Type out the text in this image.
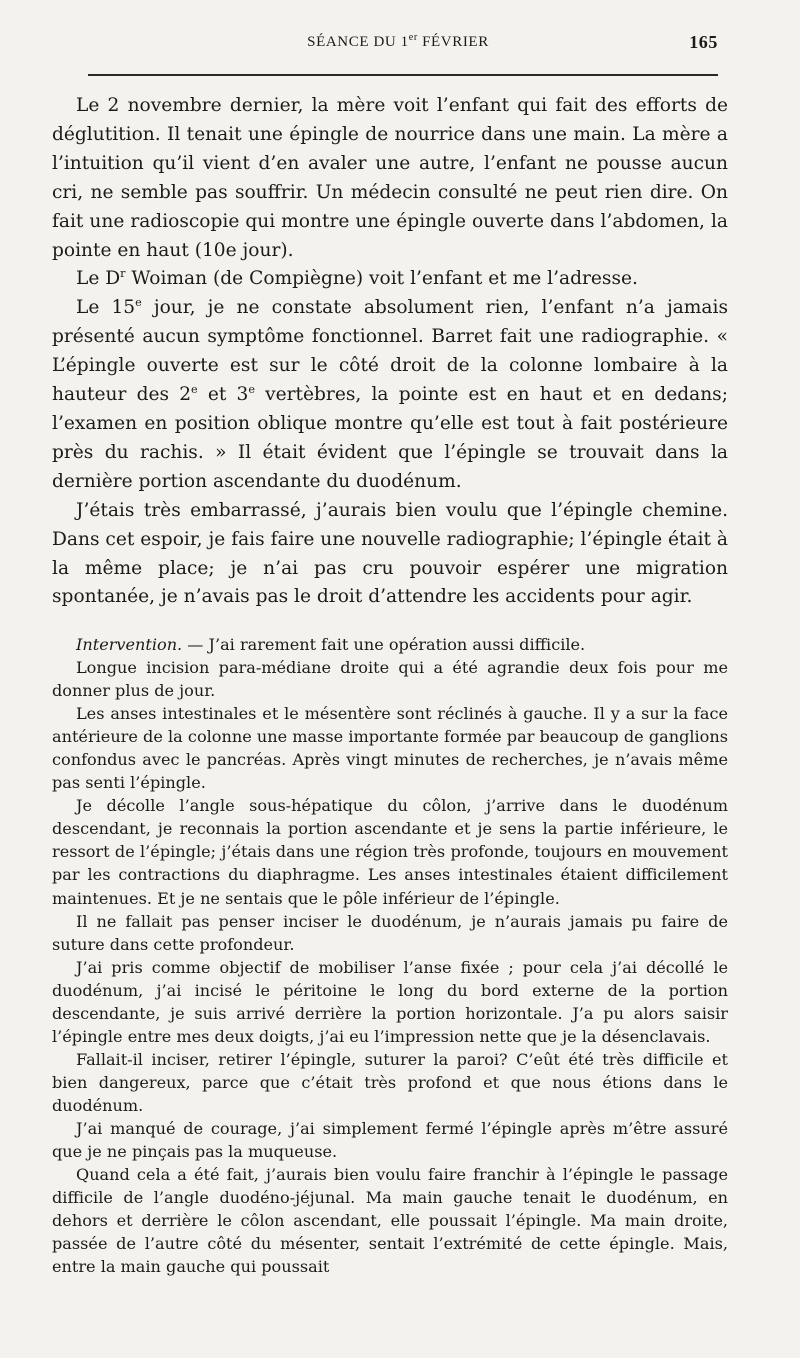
SÉANCE DU 1er FÉVRIER	165

Le 2 novembre dernier, la mère voit l’enfant qui fait des efforts de déglutition. Il tenait une épingle de nourrice dans une main. La mère a l’intuition qu’il vient d’en avaler une autre, l’enfant ne pousse aucun cri, ne semble pas souffrir. Un médecin consulté ne peut rien dire. On fait une radioscopie qui montre une épingle ouverte dans l’abdomen, la pointe en haut (10e jour).

Le $D^r$ Woiman (de Compiègne) voit l’enfant et me l’adresse.

Le 15e jour, je ne constate absolument rien, l’enfant n’a jamais présenté aucun symptôme fonctionnel. Barret fait une radiographie. « L’épingle ouverte est sur le côté droit de la colonne lombaire à la hauteur des 2e et 3e vertèbres, la pointe est en haut et en dedans; l’examen en position oblique montre qu’elle est tout à fait postérieure près du rachis. » Il était évident que l’épingle se trouvait dans la dernière portion ascendante du duodénum.

J’étais très embarrassé, j’aurais bien voulu que l’épingle chemine. Dans cet espoir, je fais faire une nouvelle radiographie; l’épingle était à la même place; je n’ai pas cru pouvoir espérer une migration spontanée, je n’avais pas le droit d’attendre les accidents pour agir.

Intervention. — J’ai rarement fait une opération aussi difficile.

Longue incision para-médiane droite qui a été agrandie deux fois pour me donner plus de jour.

Les anses intestinales et le mésentère sont réclinés à gauche. Il y a sur la face antérieure de la colonne une masse importante formée par beaucoup de ganglions confondus avec le pancréas. Après vingt minutes de recherches, je n’avais même pas senti l’épingle.

Je décolle l’angle sous-hépatique du côlon, j’arrive dans le duodénum descendant, je reconnais la portion ascendante et je sens la partie inférieure, le ressort de l’épingle; j’étais dans une région très profonde, toujours en mouvement par les contractions du diaphragme. Les anses intestinales étaient difficilement maintenues. Et je ne sentais que le pôle inférieur de l’épingle.

Il ne fallait pas penser inciser le duodénum, je n’aurais jamais pu faire de suture dans cette profondeur.

J’ai pris comme objectif de mobiliser l’anse fixée ; pour cela j’ai décollé le duodénum, j’ai incisé le péritoine le long du bord externe de la portion descendante, je suis arrivé derrière la portion horizontale. J’a pu alors saisir l’épingle entre mes deux doigts, j’ai eu l’impression nette que je la désenclavais.

Fallait-il inciser, retirer l’épingle, suturer la paroi? C’eût été très difficile et bien dangereux, parce que c’était très profond et que nous étions dans le duodénum.

J’ai manqué de courage, j’ai simplement fermé l’épingle après m’être assuré que je ne pinçais pas la muqueuse.

Quand cela a été fait, j’aurais bien voulu faire franchir à l’épingle le passage difficile de l’angle duodéno-jéjunal. Ma main gauche tenait le duodénum, en dehors et derrière le côlon ascendant, elle poussait l’épingle. Ma main droite, passée de l’autre côté du mésenter, sentait l’extrémité de cette épingle. Mais, entre la main gauche qui poussait
